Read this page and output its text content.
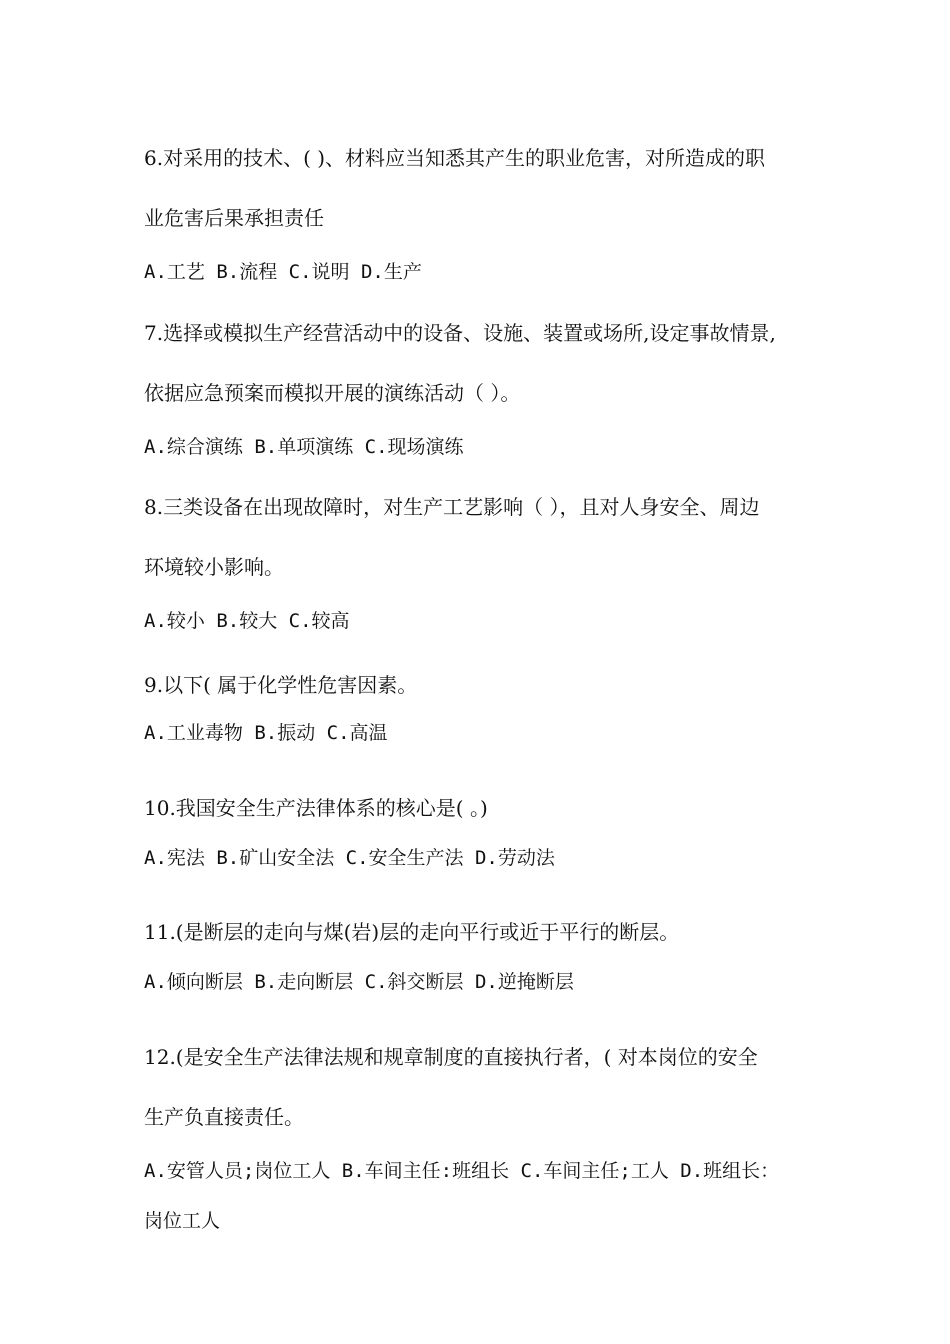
6.对采用的技术、( )、材料应当知悉其产生的职业危害，对所造成的职
业危害后果承担责任
A.工艺 B.流程 C.说明 D.生产
7.选择或模拟生产经营活动中的设备、设施、装置或场所,设定事故情景,
依据应急预案而模拟开展的演练活动（ ）。
A.综合演练 B.单项演练 C.现场演练
8.三类设备在出现故障时，对生产工艺影响（ ），且对人身安全、周边
环境较小影响。
A.较小 B.较大 C.较高
9.以下( 属于化学性危害因素。
A.工业毒物 B.振动 C.高温
10.我国安全生产法律体系的核心是( 。)
A.宪法 B.矿山安全法 C.安全生产法 D.劳动法
11.(是断层的走向与煤(岩)层的走向平行或近于平行的断层。
A.倾向断层 B.走向断层 C.斜交断层 D.逆掩断层
12.(是安全生产法律法规和规章制度的直接执行者，( 对本岗位的安全
生产负直接责任。
A.安管人员;岗位工人 B.车间主任:班组长 C.车间主任;工人 D.班组长：
岗位工人
